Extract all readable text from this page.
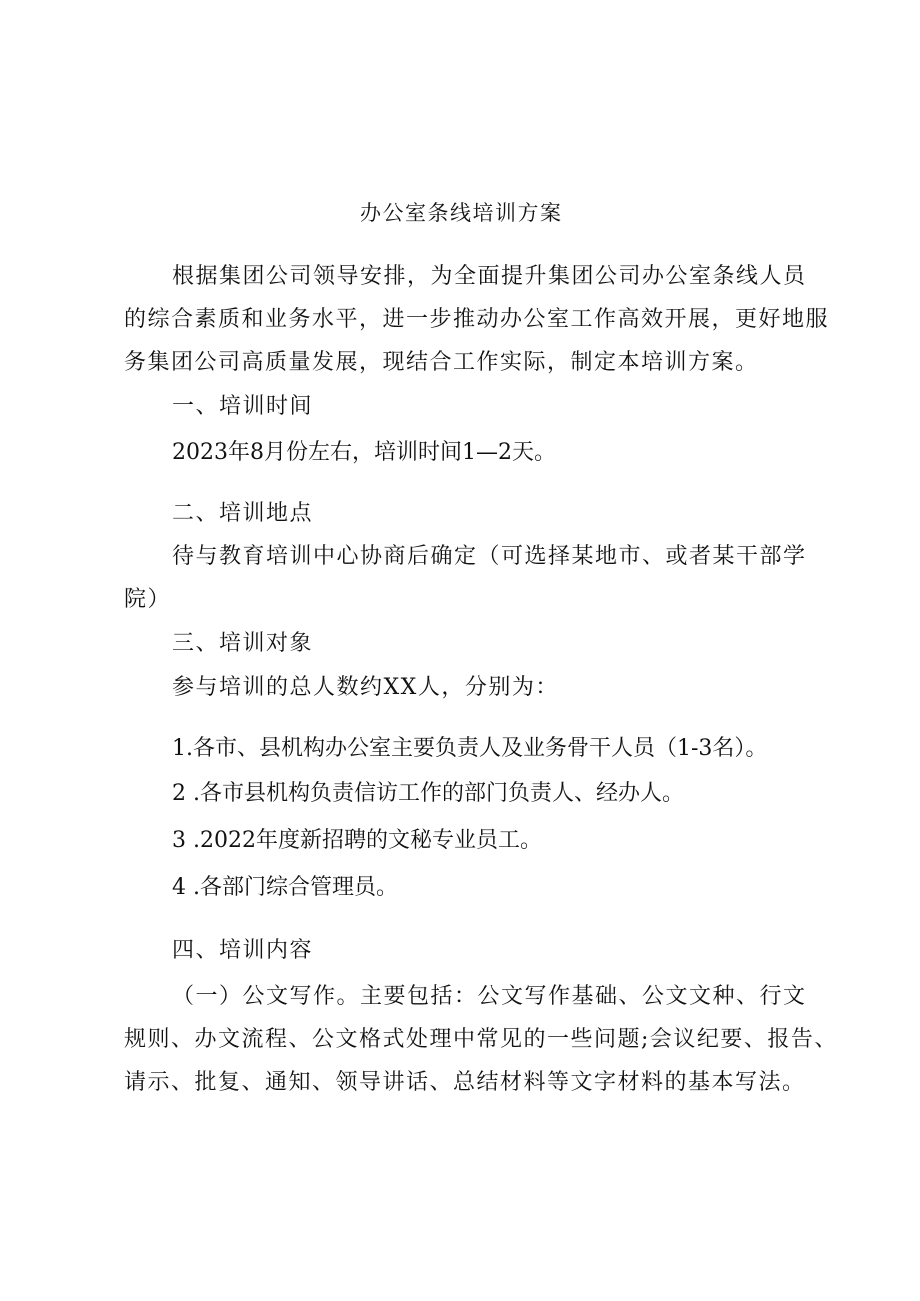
办公室条线培训方案
根据集团公司领导安排，为全面提升集团公司办公室条线人员
的综合素质和业务水平，进一步推动办公室工作高效开展，更好地服
务集团公司高质量发展，现结合工作实际，制定本培训方案。
一、培训时间
2023年8月份左右，培训时间1—2天。
二、培训地点
待与教育培训中心协商后确定（可选择某地市、或者某干部学
院）
三、培训对象
参与培训的总人数约XX人，分别为：
1.各市、县机构办公室主要负责人及业务骨干人员（1-3名）。
2 .各市县机构负责信访工作的部门负责人、经办人。
3 .2022年度新招聘的文秘专业员工。
4 .各部门综合管理员。
四、培训内容
（一）公文写作。主要包括：公文写作基础、公文文种、行文
规则、办文流程、公文格式处理中常见的一些问题;会议纪要、报告、
请示、批复、通知、领导讲话、总结材料等文字材料的基本写法。
